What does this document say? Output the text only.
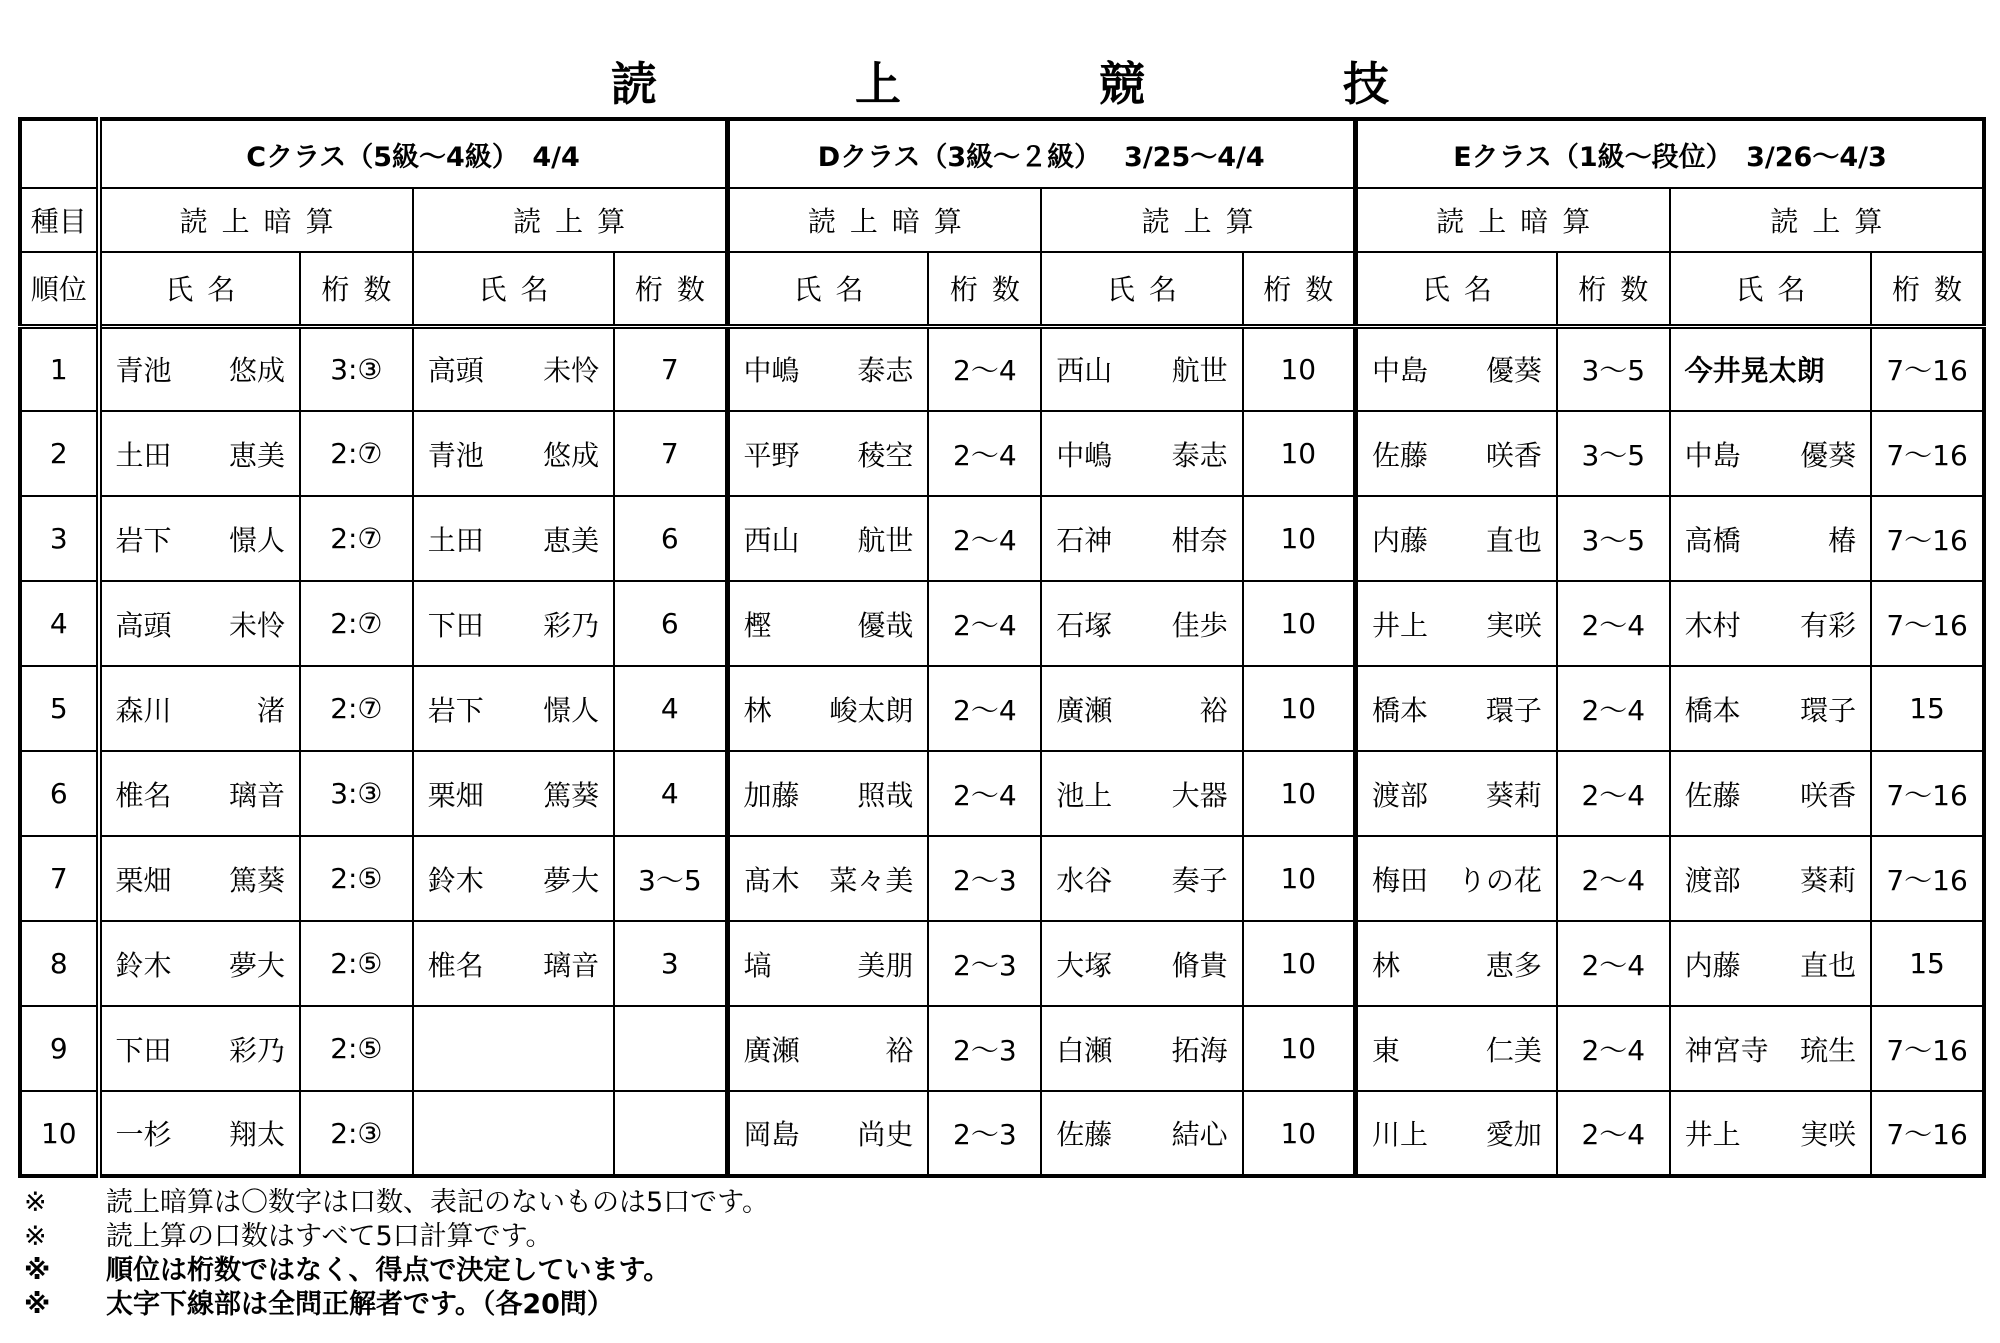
読　上　競　技
	Cクラス（5級～4級）　4/4				Dクラス（3級～２級）　 3/25～4/4				Eクラス（1級～段位）　3/26～4/3			
種目	読上暗算		読上算		読上暗算		読上算		読上暗算		読上算	
順位	氏名	桁数	氏名	桁数	氏名	桁数	氏名	桁数	氏名	桁数	氏名	桁数
1	青池 悠成	3:③	高頭 未怜	7	中嶋 泰志	2～4	西山 航世	10	中島 優葵	3～5	今井晃太朗	7～16
2	土田 恵美	2:⑦	青池 悠成	7	平野 稜空	2～4	中嶋 泰志	10	佐藤 咲香	3～5	中島 優葵	7～16
3	岩下 憬人	2:⑦	土田 恵美	6	西山 航世	2～4	石神 柑奈	10	内藤 直也	3～5	高橋 椿	7～16
4	高頭 未怜	2:⑦	下田 彩乃	6	樫 優哉	2～4	石塚 佳歩	10	井上 実咲	2～4	木村 有彩	7～16
5	森川 渚	2:⑦	岩下 憬人	4	林 峻太朗	2～4	廣瀬 裕	10	橋本 環子	2～4	橋本 環子	15
6	椎名 璃音	3:③	栗畑 篤葵	4	加藤 照哉	2～4	池上 大器	10	渡部 葵莉	2～4	佐藤 咲香	7～16
7	栗畑 篤葵	2:⑤	鈴木 夢大	3～5	髙木 菜々美	2～3	水谷 奏子	10	梅田 りの花	2～4	渡部 葵莉	7～16
8	鈴木 夢大	2:⑤	椎名 璃音	3	塙 美朋	2～3	大塚 脩貴	10	林 恵多	2～4	内藤 直也	15
9	下田 彩乃	2:⑤			廣瀬 裕	2～3	白瀬 拓海	10	東 仁美	2～4	神宮寺 琉生	7～16
10	一杉 翔太	2:③			岡島 尚史	2～3	佐藤 結心	10	川上 愛加	2～4	井上 実咲	7～16
※	読上暗算は〇数字は口数、表記のないものは5口です。
※	読上算の口数はすべて5口計算です。
※	順位は桁数ではなく、得点で決定しています。
※	太字下線部は全問正解者です。（各20問）
